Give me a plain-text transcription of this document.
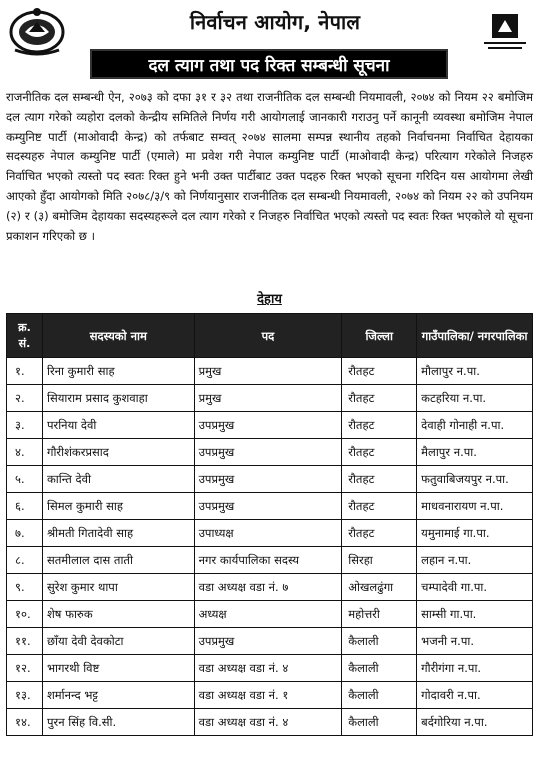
निर्वाचन आयोग, नेपाल
दल त्याग तथा पद रिक्त सम्बन्धी सूचना
राजनीतिक दल सम्बन्धी ऐन, २०७३ को दफा ३१ र ३२ तथा राजनीतिक दल सम्बन्धी नियमावली, २०७४ को नियम २२ बमोजिम दल त्याग गरेको व्यहोरा दलको केन्द्रीय समितिले निर्णय गरी आयोगलाई जानकारी गराउनु पर्ने कानूनी व्यवस्था बमोजिम नेपाल कम्युनिष्ट पार्टी (माओवादी केन्द्र) को तर्फबाट सम्वत् २०७४ सालमा सम्पन्न स्थानीय तहको निर्वाचनमा निर्वाचित देहायका सदस्यहरु नेपाल कम्युनिष्ट पार्टी (एमाले) मा प्रवेश गरी नेपाल कम्युनिष्ट पार्टी (माओवादी केन्द्र) परित्याग गरेकोले निजहरु निर्वाचित भएको त्यस्तो पद स्वतः रिक्त हुने भनी उक्त पार्टीबाट उक्त पदहरु रिक्त भएको सूचना गरिदिन यस आयोगमा लेखी आएको हुँदा आयोगको मिति २०७८/३/९ को निर्णयानुसार राजनीतिक दल सम्बन्धी नियमावली, २०७४ को नियम २२ को उपनियम (२) र (३) बमोजिम देहायका सदस्यहरूले दल त्याग गरेको र निजहरु निर्वाचित भएको त्यस्तो पद स्वतः रिक्त भएकोले यो सूचना प्रकाशन गरिएको छ ।
देहाय
क्र. सं.	सदस्यको नाम	पद	जिल्ला	गाउँपालिका/ नगरपालिका
१.	रिना कुमारी साह	प्रमुख	रौतहट	मौलापुर न.पा.
२.	सियाराम प्रसाद कुशवाहा	प्रमुख	रौतहट	कटहरिया न.पा.
३.	परनिया देवी	उपप्रमुख	रौतहट	देवाही गोनाही न.पा.
४.	गौरीशंकरप्रसाद	उपप्रमुख	रौतहट	मैलापुर न.पा.
५.	कान्ति देवी	उपप्रमुख	रौतहट	फतुवाबिजयपुर न.पा.
६.	सिमल कुमारी साह	उपप्रमुख	रौतहट	माधवनारायण न.पा.
७.	श्रीमती गितादेवी साह	उपाध्यक्ष	रौतहट	यमुनामाई गा.पा.
८.	सतमीलाल दास ताती	नगर कार्यपालिका सदस्य	सिरहा	लहान न.पा.
९.	सुरेश कुमार थापा	वडा अध्यक्ष वडा नं. ७	ओखलढुंगा	चम्पादेवी गा.पा.
१०.	शेष फारुक	अध्यक्ष	महोत्तरी	साम्सी गा.पा.
११.	छाँया देवी देवकोटा	उपप्रमुख	कैलाली	भजनी न.पा.
१२.	भागरथी विष्ट	वडा अध्यक्ष वडा नं. ४	कैलाली	गौरीगंगा न.पा.
१३.	शर्मानन्द भट्ट	वडा अध्यक्ष वडा नं. १	कैलाली	गोदावरी न.पा.
१४.	पुरन सिंह वि.सी.	वडा अध्यक्ष वडा नं. ४	कैलाली	बर्दगोरिया न.पा.
